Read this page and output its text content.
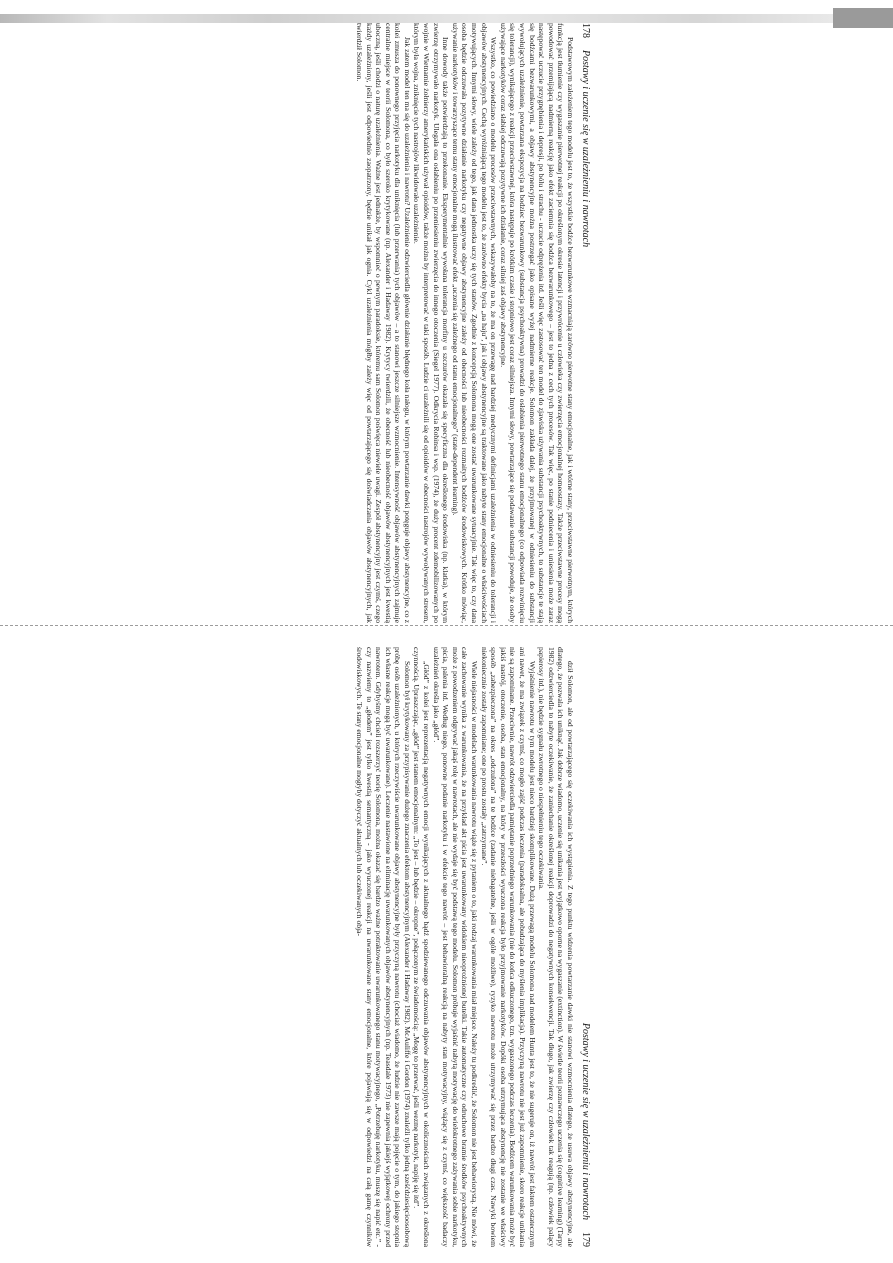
178
Postawy i uczenie się w uzależnieniu i nawrotach

Podstawowym założeniem tego modelu jest to, że wszystkie bodźce bezwarunkowe wzmacniają zarówno pierwotne stany emocjonalne, jak i wtórne stany, przeciwstawne pierwotnym, których funkcją jest tłumienie czy wygaszanie pierwotnej reakcji po określonym okresie latencji i przywrócenie u człowieka czy zwierzęcia emocjonalnej homeostazy. Także przeciwstawne procesy mogą powodować przemijającą nadmierną reakcję jako efekt zaciemnia się bodźca bezwarunkowego – jest to jedna z cech tych procesów. Tak więc, po stanie podniecenia i uniesienia może zaraz następować uczucie przygnębienia i depresji, po bólu i strachu - uczucie odprężenia itd. Jeśli więc zastosować ten model do zjawiska używania substancji psychoaktywnych, to substancje te stają się bodźcami bezwarunkowymi, a objawy abstynencyjne można postrzegać jako opisane wyżej nadmierne reakcje. Solomon zakłada dalej, że przyjmowanej w odniesieniu do substancji wywołujących uzależnienie, powtarzana ekspozycja na bodziec bezwarunkowy (substancja psychoaktywna) prowadzi do osłabienia pierwotnego stanu emocjonalnego (co odpowiada rozwinięciu się tolerancji), wynikającego z reakcji przeciwstawnej, która następuje po krótkim czasie i stopniowo jest coraz silniejsza. Innymi słowy, powtarzające się podawanie substancji powoduje, że osoby używające narkotyków coraz słabiej odczuwają pozytywne ich działanie, coraz silniej zaś objawy abstynencyjne.

Wszystko, co powiedziano o modelu procesów przeciwstawnych, wskazywałoby na to, że ma on przewagę nad bardziej medycznymi definicjami uzależnienia w odniesieniu do tolerancji i objawów abstynencyjnych. Cechą wyróżniającą tego modelu jest to, że zarówno efekty bycia „na haju”, jak i objawy abstynencyjne są traktowane jako nabyte stany emocjonalne o właściwościach motywujących. Innymi słowy, wiele zależy od tego, jak dana jednostka uczy się tych stanów. Zgodnie z koncepcją Solomona mogą one zostać uwarunkowane sytuacyjnie. Tak więc to, czy dana osoba będzie odczuwała pozytywne działanie narkotyku czy negatywne objawy abstynencyjne zależy od obecności lub nieobecności rozmaitych bodźców środowiskowych. Krótko mówiąc, używanie narkotyków i towarzyszące temu stany emocjonalne mogą ilustrować efekt „uczenia się zależnego od stanu emocjonalnego” (state-dependent learning).

Inne dowody także potwierdzają to przekonanie. Eksperymentalnie wywołana tolerancja morfiny u szczurów okazała się specyficzna dla określonego środowiska (np. klatka), w którym zwierzę otrzymywało narkotyk. Ulegała ona osłabieniu po przeniesieniu zwierzęcia do innego otoczenia (Siegel 1977). Odkrycia Robinsa i wsp. (1974), że duży procent zdemobilizowanych po wojnie w Wietnamie żołnierzy amerykańskich używał opioidów, także można by interpretować w taki sposób. Ludzie ci uzależnili się od opioidów w obecności nastrojów wywoływanych stresem, którym była wojna, zniknięcie tych nastrojów likwidowało uzależnienie.

Jak zatem model ten ma się do uzależnienia i nawrotu? Uzależnienie odzwierciedla głównie działanie błędnego koła nałogu, w którym powtarzanie dawki potęguje objawy abstynencyjne, co z kolei zmusza do ponownego przyjęcia narkotyku dla uniknięcia (lub przerwania) tych objawów – a to stanowi jeszcze silniejsze wzmocnienie. Intensywność objawów abstynencyjnych zajmuje centralne miejsce w teorii Solomona, co było szeroko krytykowane (np. Alexander i Hadaway 1982). Krytycy twierdzili, że obecność lub nieobecność objawów abstynencyjnych jest kwestią uboczną, jeśli chodzi o naturę uzależnienia. Ważne jest jednakże, by wspomnieć o pewnym paradoksie, któremu sam Solomon poświęca niewiele uwagi. Zespół abstynencyjny jest czymś, czego każdy uzależniony, jeśli jest odpowiednio zaopatrzony, będzie unikał jak ognia. Cykl uzależnienia mógłby zależy więc od powtarzającego się doświadczania objawów abstynencyjnych, jak twierdził Solomon.

179
Postawy i uczenie się w uzależnieniu i nawrotach

dził Solomon, ale od powtarzającego się oczekiwania ich wystąpienia. Z tego punktu widzenia powtarzanie dawki nie stanowi wzmocnienia dlatego, że usuwa objawy abstynencyjne, ale dlatego, że pozwala ich uniknąć. Jak dobrze wiadomo, uczenie się unikania jest wyjątkowo oporne na wygaszanie (extinction). W świetle teorii poznawczego uczenia się (cognitive learning) (Tarpy 1982) odzwierciedla to nabyte oczekiwanie, że zaniechanie określonej reakcji doprowadzi do negatywnych konsekwencji. Tak długo, jak zwierzę czy człowiek tak reagują (np. człowiek palący papierosy itd.), nie będzie sygnału zwrotnego o niespełnieniu tego oczekiwania.

Wyjaśnienie nawrotu w tym modelu jest nieco bardziej skomplikowane. Dużą przewagą modelu Solomona nad modelem Hunta jest to, że nie sugeruje on, iż nawrót jest faktem ostatecznym ani nawet, że ma związek z czymś, co mogło zajść podczas leczenia (paradoksalna, ale pobudzająca do myślenia implikacja). Przyczyną nawrotu nie jest już zapomnienie, skoro reakcje unikania nie są zapominane. Przeciwnie, nawrót odzwierciedla pamiętanie poprzedniego warunkowania (nie do końca odkuczonego, tzn. wygaszonego podczas leczenia). Bodźcem warunkowania może być jakiś nastrój, otoczenie, osoba, stan emocjonalny, na który w przeszłości wyuczona reakcja było przyjmowanie narkotyków. Dopóki osoba utrzymująca abstynencję nie zostanie we właściwy sposób „zabezpieczona” na okres „odczulona” na te bodźce (zadanie niebagatelne, jeśli w ogóle możliwe), ryzyko nawrotu może utrzymywać się przez bardzo długi czas. Nawyki bowiem niekoniecznie zostały zapomniane; one po prostu zostały „zatrzymane”.

Wiele niejasności w modelach warunkowania nawrotu wiąże się z pytaniem o to, jaki rodzaj warunkowania miał miejsce. Należy tu podkreślić, że Solomon nie jest behawiorystą. Nie mówi, że całe zachowanie wynika z warunkowania, że na przykład akt picia jest uwarunkowany widokiem nieoprożnionej butelki. Takie automatyczne czy odruchowe bramie środków psychoaktywnych może z powodzeniem odgrywać jakąś rolę w nawrotach, ale nie wydaje się być podstawą tego modelu. Solomon próbuje wyjaśnić nabytą motywację do wielokrotnego zażywania sobie narkotyku, picia, palenia itd. Według niego, ponowne podanie narkotyku i w efekcie tego nawrót – jest behawioralną reakcją na nabyty stan motywacyjny, wiążący się z czymś, co większość badaczy uzależnień określa jako „głód”.

„Głód” z kolei jest reprezentacją negatywnych emocji wynikających z aktualnego bądź spodziewanego odczuwania objawów abstynencyjnych w okolicznościach związanych z określona czynnością. Upraszczając, „głód” jest stanem emocjonalnym: „To jest – lub będzie – okropne”, połączonym ze świadomością: „Mogę to przerwać, jeśli wezmę narkotyk, napiję się itd”.

Solomon był krytykowany za przypisywanie dużego znaczenia efektom abstynencyjnym (Alexander i Hadaway 1982). McAuliffe i Gordon (1974) znaleźli tylko jedną sześćdziesięcioosobową próbę osób uzależnionych, u których rzeczywiście uwarunkowane objawy abstynencyjne były przyczyną nawrotu (chociaż wiadomo, że ludzie nie zawsze mają pojęcie o tym, do jakiego stopnia ich własne reakcje mogą być uwarunkowane). Leczenie nastawione na eliminację uwarunkowanych objawów abstynencyjnych (np. Teasdale 1973) nie zapewnia jakiejś wyjątkowej ochrony przed nawrotem. Gdybyśmy chcieli rozszerzyć teorię Solomona, można okazać się bardzo ważne potraktowanie uwarunkowanego stanu motywacyjnego, „Potrzebuję narkotyku, muszę się napić etc.” - czy nazwiemy to „głodem” jest tylko kwestią semantyczną - jako wyuczonej reakcji na uwarunkowane stany emocjonalne, które pojawiają się w odpowiedzi na całą gamę czynników środowiskowych. Te stany emocjonalne mogłyby dotyczyć aktualnych lub oczekiwanych obja-
